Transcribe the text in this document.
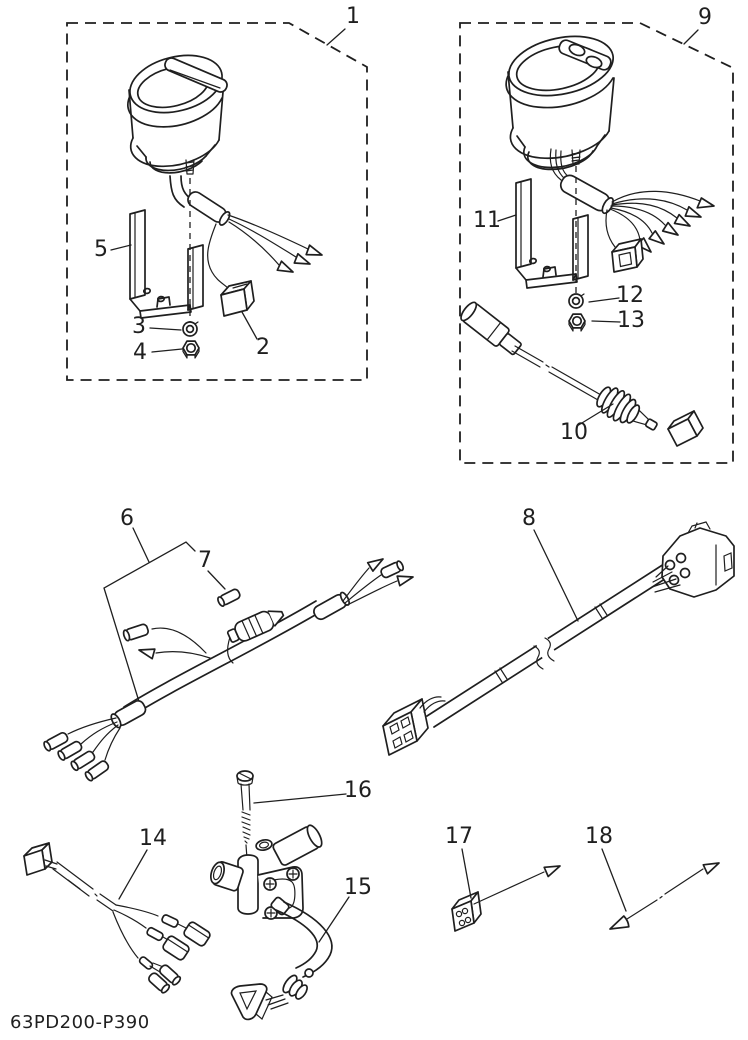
1
2
3
4
5
6
7
8
9
10
11
12
13
14
15
16
17	18
63PD200-P390
